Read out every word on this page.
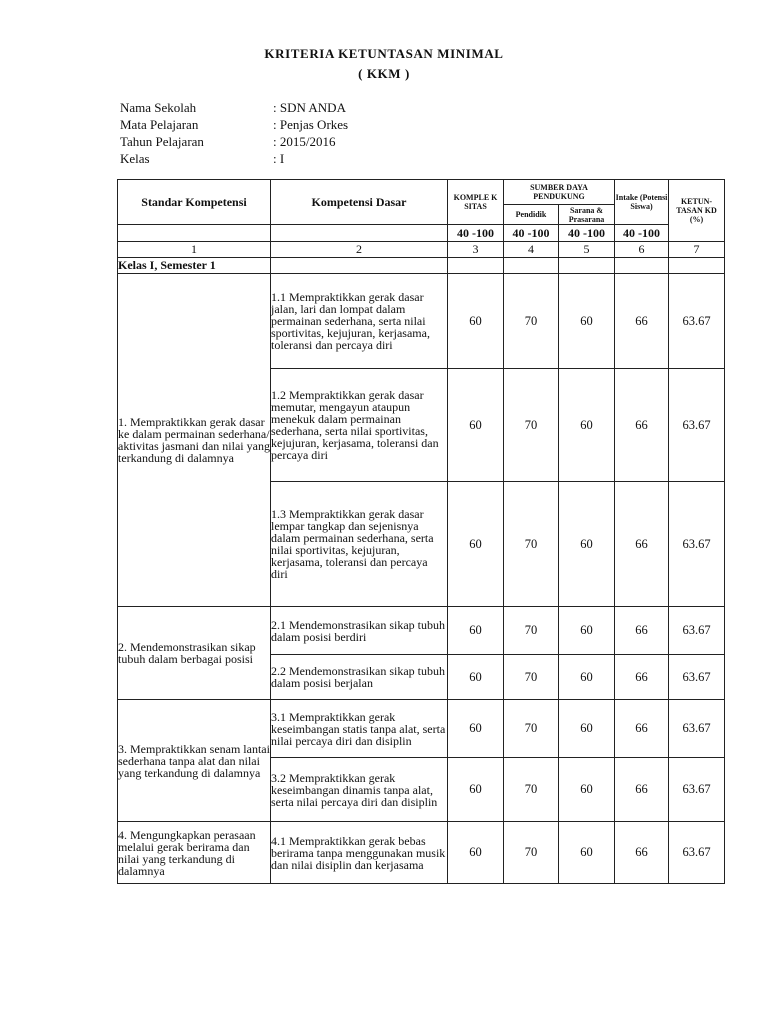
KRITERIA KETUNTASAN MINIMAL
( KKM )
Nama Sekolah	: SDN ANDA
Mata Pelajaran	: Penjas Orkes
Tahun Pelajaran	: 2015/2016
Kelas	: I
Standar Kompetensi	Kompetensi Dasar	KOMPLE K SITAS	SUMBER DAYA PENDUKUNG		Intake (Potensi Siswa)	KETUN-TASAN KD (%)
			Pendidik	Sarana & Prasarana		
		40 -100	40 -100	40 -100	40 -100	
1	2	3	4	5	6	7
Kelas I, Semester 1						
1. Mempraktikkan gerak dasar ke dalam permainan sederhana/ aktivitas jasmani dan nilai yang terkandung di dalamnya	1.1 Mempraktikkan gerak dasar jalan, lari dan lompat dalam permainan sederhana, serta nilai sportivitas, kejujuran, kerjasama, toleransi dan percaya diri	60	70	60	66	63.67
	1.2 Mempraktikkan gerak dasar memutar, mengayun ataupun menekuk dalam permainan sederhana, serta nilai sportivitas, kejujuran, kerjasama, toleransi dan percaya diri	60	70	60	66	63.67
	1.3 Mempraktikkan gerak dasar lempar tangkap dan sejenisnya dalam permainan sederhana, serta nilai sportivitas, kejujuran, kerjasama, toleransi dan percaya diri	60	70	60	66	63.67
2. Mendemonstrasikan sikap tubuh dalam berbagai posisi	2.1 Mendemonstrasikan sikap tubuh dalam posisi berdiri	60	70	60	66	63.67
	2.2 Mendemonstrasikan sikap tubuh dalam posisi berjalan	60	70	60	66	63.67
3. Mempraktikkan senam lantai sederhana tanpa alat dan nilai yang terkandung di dalamnya	3.1 Mempraktikkan gerak keseimbangan statis tanpa alat, serta nilai percaya diri dan disiplin	60	70	60	66	63.67
	3.2 Mempraktikkan gerak keseimbangan dinamis tanpa alat, serta nilai percaya diri dan disiplin	60	70	60	66	63.67
4. Mengungkapkan perasaan melalui gerak berirama dan nilai yang terkandung di dalamnya	4.1 Mempraktikkan gerak bebas berirama tanpa menggunakan musik dan nilai disiplin dan kerjasama	60	70	60	66	63.67
